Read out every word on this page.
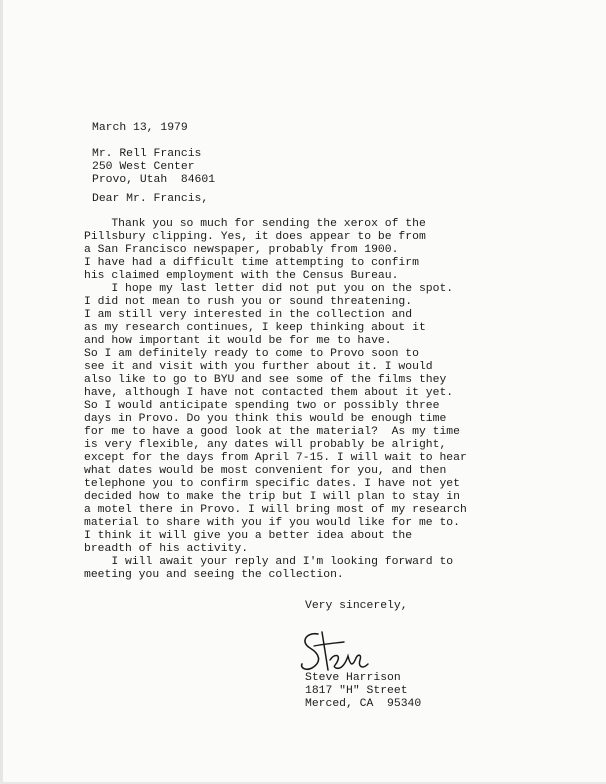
March 13, 1979
Mr. Rell Francis
250 West Center
Provo, Utah  84601
Dear Mr. Francis,
Thank you so much for sending the xerox of the
Pillsbury clipping. Yes, it does appear to be from
a San Francisco newspaper, probably from 1900.
I have had a difficult time attempting to confirm
his claimed employment with the Census Bureau.
I hope my last letter did not put you on the spot.
I did not mean to rush you or sound threatening.
I am still very interested in the collection and
as my research continues, I keep thinking about it
and how important it would be for me to have.
So I am definitely ready to come to Provo soon to
see it and visit with you further about it. I would
also like to go to BYU and see some of the films they
have, although I have not contacted them about it yet.
So I would anticipate spending two or possibly three
days in Provo. Do you think this would be enough time
for me to have a good look at the material?  As my time
is very flexible, any dates will probably be alright,
except for the days from April 7-15. I will wait to hear
what dates would be most convenient for you, and then
telephone you to confirm specific dates. I have not yet
decided how to make the trip but I will plan to stay in
a motel there in Provo. I will bring most of my research
material to share with you if you would like for me to.
I think it will give you a better idea about the
breadth of his activity.
I will await your reply and I'm looking forward to
meeting you and seeing the collection.
Very sincerely,
Steve Harrison
1817 "H" Street
Merced, CA  95340
